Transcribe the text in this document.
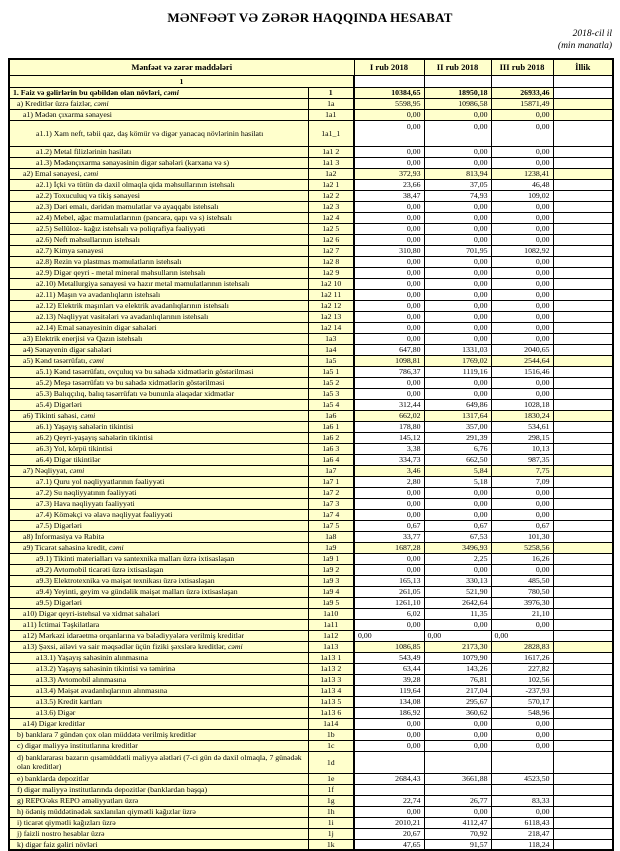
MƏNFƏƏT VƏ ZƏRƏR HAQQINDA HESABAT
2018-cil il
(min manatla)
Mənfəət və zərər maddələri		I rub 2018	II rub 2018	III rub 2018	İllik
1					
1. Faiz və gəlirlərin bu qəbildən olan növləri, cəmi	1	10384,65	18950,18	26933,46	
a) Kreditlər üzrə faizlər, cəmi	1a	5598,95	10986,58	15871,49	
a1) Mədən çıxarma sənayesi	1a1	0,00	0,00	0,00	
a1.1) Xam neft, təbii qaz, daş kömür və digər yanacaq növlərinin hasilatı	1a1_1	0,00	0,00	0,00	
a1.2) Metal filizlərinin hasilatı	1a1 2	0,00	0,00	0,00	
a1.3) Mədənçıxarma sənayəsinin digər sahələri (karxana və s)	1a1 3	0,00	0,00	0,00	
a2) Emal sənayesi, cəmi	1a2	372,93	813,94	1238,41	
a2.1) İçki və tütün də daxil olmaqla qida məhsullarının istehsalı	1a2 1	23,66	37,05	46,48	
a2.2) Toxuculuq və tikiş sənayesi	1a2 2	38,47	74,93	109,02	
a2.3) Dəri emalı, dəridən məmulatlar və ayaqqabı istehsalı	1a2 3	0,00	0,00	0,00	
a2.4) Mebel, ağac məmulatlarının (pəncərə, qapı və s) istehsalı	1a2 4	0,00	0,00	0,00	
a2.5) Sellüloz- kağız istehsalı və poliqrafiya fəaliyyəti	1a2 5	0,00	0,00	0,00	
a2.6) Neft məhsullarının istehsalı	1a2 6	0,00	0,00	0,00	
a2.7) Kimya sənayesi	1a2 7	310,80	701,95	1082,92	
a2.8) Rezin və plastmas məmulatların istehsalı	1a2 8	0,00	0,00	0,00	
a2.9) Digər qeyri - metal mineral məhsulların istehsalı	1a2 9	0,00	0,00	0,00	
a2.10) Metallurgiya sənayesi və hazır metal məmulatlarının istehsalı	1a2 10	0,00	0,00	0,00	
a2.11) Maşın və avadanlıqların istehsalı	1a2 11	0,00	0,00	0,00	
a2.12) Elektrik maşınları və elektrik avadanlıqlarının istehsalı	1a2 12	0,00	0,00	0,00	
a2.13) Nəqliyyat vasitələri və avadanlıqlarının istehsalı	1a2 13	0,00	0,00	0,00	
a2.14) Emal sənayesinin digər sahələri	1a2 14	0,00	0,00	0,00	
a3) Elektrik enerjisi və Qazın istehsalı	1a3	0,00	0,00	0,00	
a4) Sənayenin digər sahələri	1a4	647,80	1331,03	2040,65	
a5) Kənd təsərrüfatı, cəmi	1a5	1098,81	1769,02	2544,64	
a5.1) Kənd təsərrüfatı, ovçuluq və bu sahədə xidmətlərin göstərilməsi	1a5 1	786,37	1119,16	1516,46	
a5.2) Meşə təsərrüfatı və bu sahədə xidmətlərin göstərilməsi	1a5 2	0,00	0,00	0,00	
a5.3) Balıqçılıq, balıq təsərrüfatı və bununla əlaqədar xidmətlər	1a5 3	0,00	0,00	0,00	
a5.4) Digərləri	1a5 4	312,44	649,86	1028,18	
a6) Tikinti sahəsi, cəmi	1a6	662,02	1317,64	1830,24	
a6.1) Yaşayış sahələrin tikintisi	1a6 1	178,80	357,00	534,61	
a6.2) Qeyri-yaşayış sahələrin tikintisi	1a6 2	145,12	291,39	298,15	
a6.3) Yol, körpü tikintisi	1a6 3	3,38	6,76	10,13	
a6.4) Digər tikintilər	1a6 4	334,73	662,50	987,35	
a7) Nəqliyyat, cəmi	1a7	3,46	5,84	7,75	
a7.1) Quru yol nəqliyyatlarının fəaliyyəti	1a7 1	2,80	5,18	7,09	
a7.2) Su nəqliyyatının fəaliyyəti	1a7 2	0,00	0,00	0,00	
a7.3) Hava nəqliyyatı fəaliyyəti	1a7 3	0,00	0,00	0,00	
a7.4) Köməkçi və əlavə nəqliyyat fəaliyyəti	1a7 4	0,00	0,00	0,00	
a7.5) Digərləri	1a7 5	0,67	0,67	0,67	
a8) İnformasiya və Rabitə	1a8	33,77	67,53	101,30	
a9) Ticarət sahəsinə kredit, cəmi	1a9	1687,28	3496,93	5258,56	
a9.1) Tikinti materialları və santexnika malları üzrə ixtisaslaşan	1a9 1	0,00	2,25	16,26	
a9.2) Avtomobil ticarəti üzrə ixtisaslaşan	1a9 2	0,00	0,00	0,00	
a9.3) Elektrotexnika və məişət texnikası üzrə ixtisaslaşan	1a9 3	165,13	330,13	485,50	
a9.4) Yeyinti, geyim və gündəlik məişət malları üzrə ixtisaslaşan	1a9 4	261,05	521,90	780,50	
a9.5) Digərləri	1a9 5	1261,10	2642,64	3976,30	
a10) Digər qeyri-istehsal və xidmət sahələri	1a10	6,02	11,35	21,10	
a11) İctimai Təşkilatlara	1a11	0,00	0,00	0,00	
a12) Mərkəzi idarəetmə orqanlarına və bələdiyyələrə verilmiş kreditlər	1a12	0,00	0,00	0,00	
a13) Şəxsi, ailəvi və sair məqsədlər üçün fiziki şəxslərə kreditlər, cəmi	1a13	1086,85	2173,30	2828,83	
a13.1) Yaşayış sahəsinin alınmasına	1a13 1	543,49	1079,90	1617,26	
a13.2) Yaşayış sahəsinin tikintisi və təmirinə	1a13 2	63,44	143,26	227,82	
a13.3) Avtomobil alınmasına	1a13 3	39,28	76,81	102,56	
a13.4) Məişət avadanlıqlarının alınmasına	1a13 4	119,64	217,04	-237,93	
a13.5) Kredit kartları	1a13 5	134,08	295,67	570,17	
a13.6) Digər	1a13 6	186,92	360,62	548,96	
a14) Digər kreditlər	1a14	0,00	0,00	0,00	
b) banklara 7 gündən çox olan müddətə verilmiş kreditlər	1b	0,00	0,00	0,00	
c) digər maliyyə institutlarına kreditlər	1c	0,00	0,00	0,00	
d) banklararası bazarın qısamüddətli maliyyə alətləri (7-ci gün də daxil olmaqla, 7 günədək olan kreditlər)	1d				
e) banklarda depozitlər	1e	2684,43	3661,88	4523,50	
f) digər maliyyə institutlarında depozitlər (banklardan başqa)	1f				
g) REPO/əks REPO əməliyyatları üzrə	1g	22,74	26,77	83,33	
h) ödəniş müddətinədək saxlanılan qiymətli kağızlar üzrə	1h	0,00	0,00	0,00	
i) ticarət qiymətli kağızları üzrə	1i	2010,21	4112,47	6118,43	
j) faizli nostro hesablar üzrə	1j	20,67	70,92	218,47	
k) digər faiz gəliri növləri	1k	47,65	91,57	118,24	
